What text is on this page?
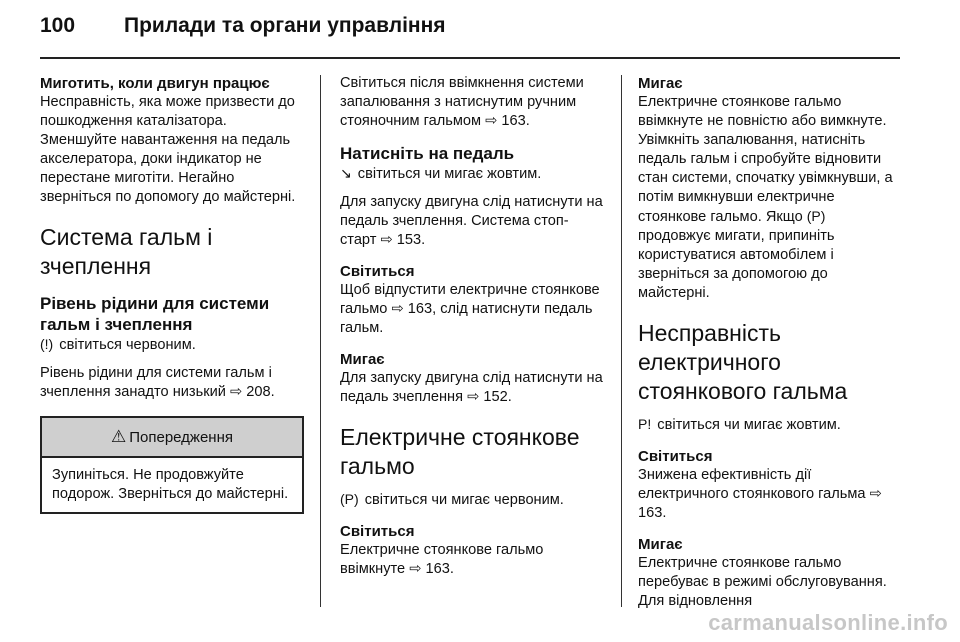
100 Прилади та органи управління
Миготить, коли двигун працює
Несправність, яка може призвести до пошкодження каталізатора. Зменшуйте навантаження на педаль акселератора, доки індикатор не перестане миготіти. Негайно зверніться по допомогу до майстерні.
Система гальм і зчеплення
Рівень рідини для системи гальм і зчеплення
(!) світиться червоним.
Рівень рідини для системи гальм і зчеплення занадто низький ⇨ 208.
⚠ Попередження
Зупиніться. Не продовжуйте подорож. Зверніться до майстерні.
Світиться після ввімкнення системи запалювання з натиснутим ручним стояночним гальмом ⇨ 163.
Натисніть на педаль
↘ світиться чи мигає жовтим.
Для запуску двигуна слід натиснути на педаль зчеплення. Система стоп-старт ⇨ 153.
Світиться
Щоб відпустити електричне стоянкове гальмо ⇨ 163, слід натиснути педаль гальм.
Мигає
Для запуску двигуна слід натиснути на педаль зчеплення ⇨ 152.
Електричне стоянкове гальмо
(P) світиться чи мигає червоним.
Світиться
Електричне стоянкове гальмо ввімкнуте ⇨ 163.
Мигає
Електричне стоянкове гальмо ввімкнуте не повністю або вимкнуте. Увімкніть запалювання, натисніть педаль гальм і спробуйте відновити стан системи, спочатку увімкнувши, а потім вимкнувши електричне стоянкове гальмо. Якщо (P) продовжує мигати, припиніть користуватися автомобілем і зверніться за допомогою до майстерні.
Несправність електричного стоянкового гальма
P! світиться чи мигає жовтим.
Світиться
Знижена ефективність дії електричного стоянкового гальма ⇨ 163.
Мигає
Електричне стоянкове гальмо перебуває в режимі обслуговування. Для відновлення
carmanualsonline.info
